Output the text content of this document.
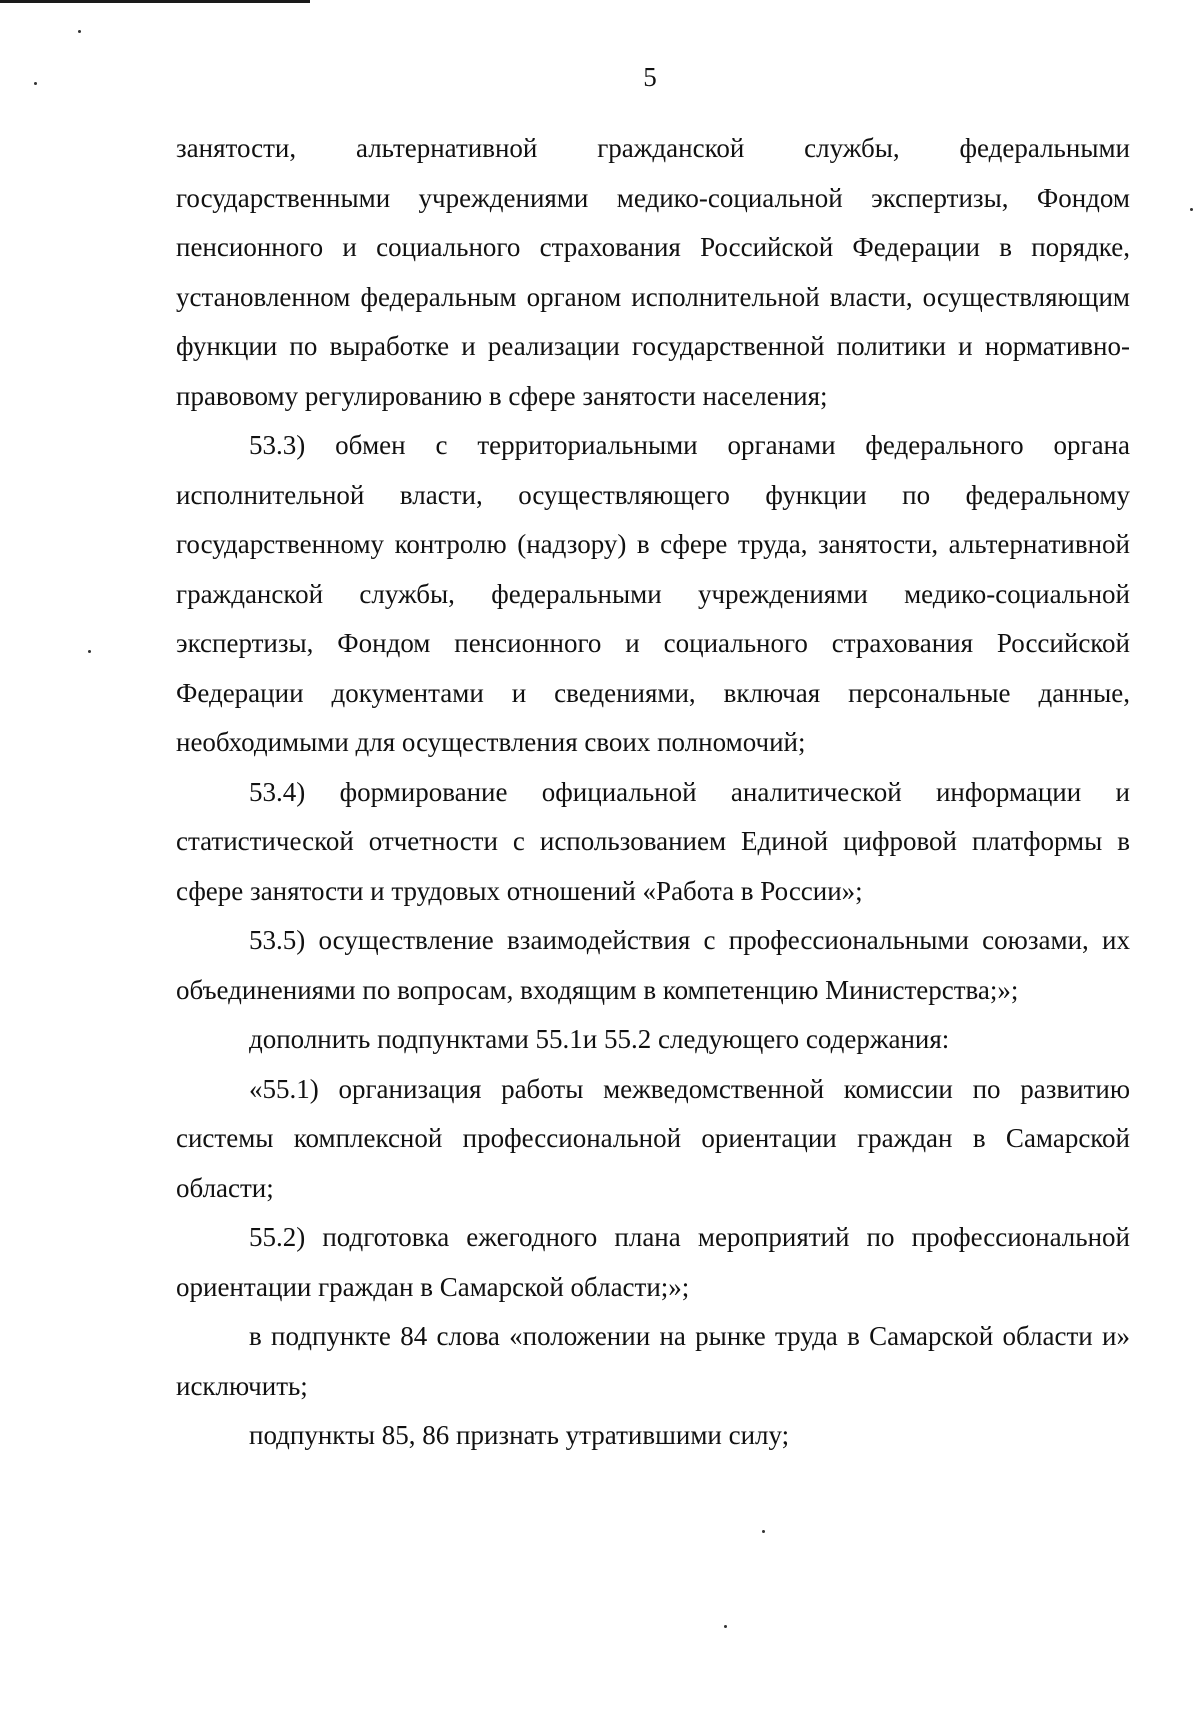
5

занятости, альтернативной гражданской службы, федеральными государственными учреждениями медико-социальной экспертизы, Фондом пенсионного и социального страхования Российской Федерации в порядке, установленном федеральным органом исполнительной власти, осуществляющим функции по выработке и реализации государственной политики и нормативно-правовому регулированию в сфере занятости населения;

53.3) обмен с территориальными органами федерального органа исполнительной власти, осуществляющего функции по федеральному государственному контролю (надзору) в сфере труда, занятости, альтернативной гражданской службы, федеральными учреждениями медико-социальной экспертизы, Фондом пенсионного и социального страхования Российской Федерации документами и сведениями, включая персональные данные, необходимыми для осуществления своих полномочий;

53.4) формирование официальной аналитической информации и статистической отчетности с использованием Единой цифровой платформы в сфере занятости и трудовых отношений «Работа в России»;

53.5) осуществление взаимодействия с профессиональными союзами, их объединениями по вопросам, входящим в компетенцию Министерства;»;

дополнить подпунктами 55.1и 55.2 следующего содержания:

«55.1) организация работы межведомственной комиссии по развитию системы комплексной профессиональной ориентации граждан в Самарской области;

55.2) подготовка ежегодного плана мероприятий по профессиональной ориентации граждан в Самарской области;»;

в подпункте 84 слова «положении на рынке труда в Самарской области и» исключить;

подпункты 85, 86 признать утратившими силу;
